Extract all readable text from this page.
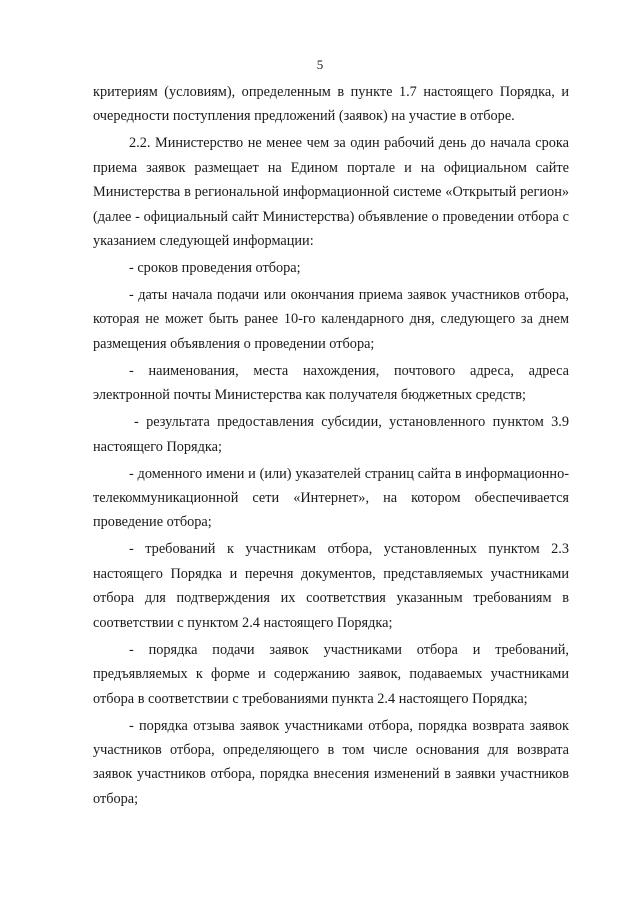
5

критериям (условиям), определенным в пункте 1.7 настоящего Порядка, и очередности поступления предложений (заявок) на участие в отборе.

2.2. Министерство не менее чем за один рабочий день до начала срока приема заявок размещает на Едином портале и на официальном сайте Министерства в региональной информационной системе «Открытый регион» (далее - официальный сайт Министерства) объявление о проведении отбора с указанием следующей информации:

- сроков проведения отбора;

- даты начала подачи или окончания приема заявок участников отбора, которая не может быть ранее 10-го календарного дня, следующего за днем размещения объявления о проведении отбора;

- наименования, места нахождения, почтового адреса, адреса электронной почты Министерства как получателя бюджетных средств;

- результата предоставления субсидии, установленного пунктом 3.9 настоящего Порядка;

- доменного имени и (или) указателей страниц сайта в информационно-телекоммуникационной сети «Интернет», на котором обеспечивается проведение отбора;

- требований к участникам отбора, установленных пунктом 2.3 настоящего Порядка и перечня документов, представляемых участниками отбора для подтверждения их соответствия указанным требованиям в соответствии с пунктом 2.4 настоящего Порядка;

- порядка подачи заявок участниками отбора и требований, предъявляемых к форме и содержанию заявок, подаваемых участниками отбора в соответствии с требованиями пункта 2.4 настоящего Порядка;

- порядка отзыва заявок участниками отбора, порядка возврата заявок участников отбора, определяющего в том числе основания для возврата заявок участников отбора, порядка внесения изменений в заявки участников отбора;
